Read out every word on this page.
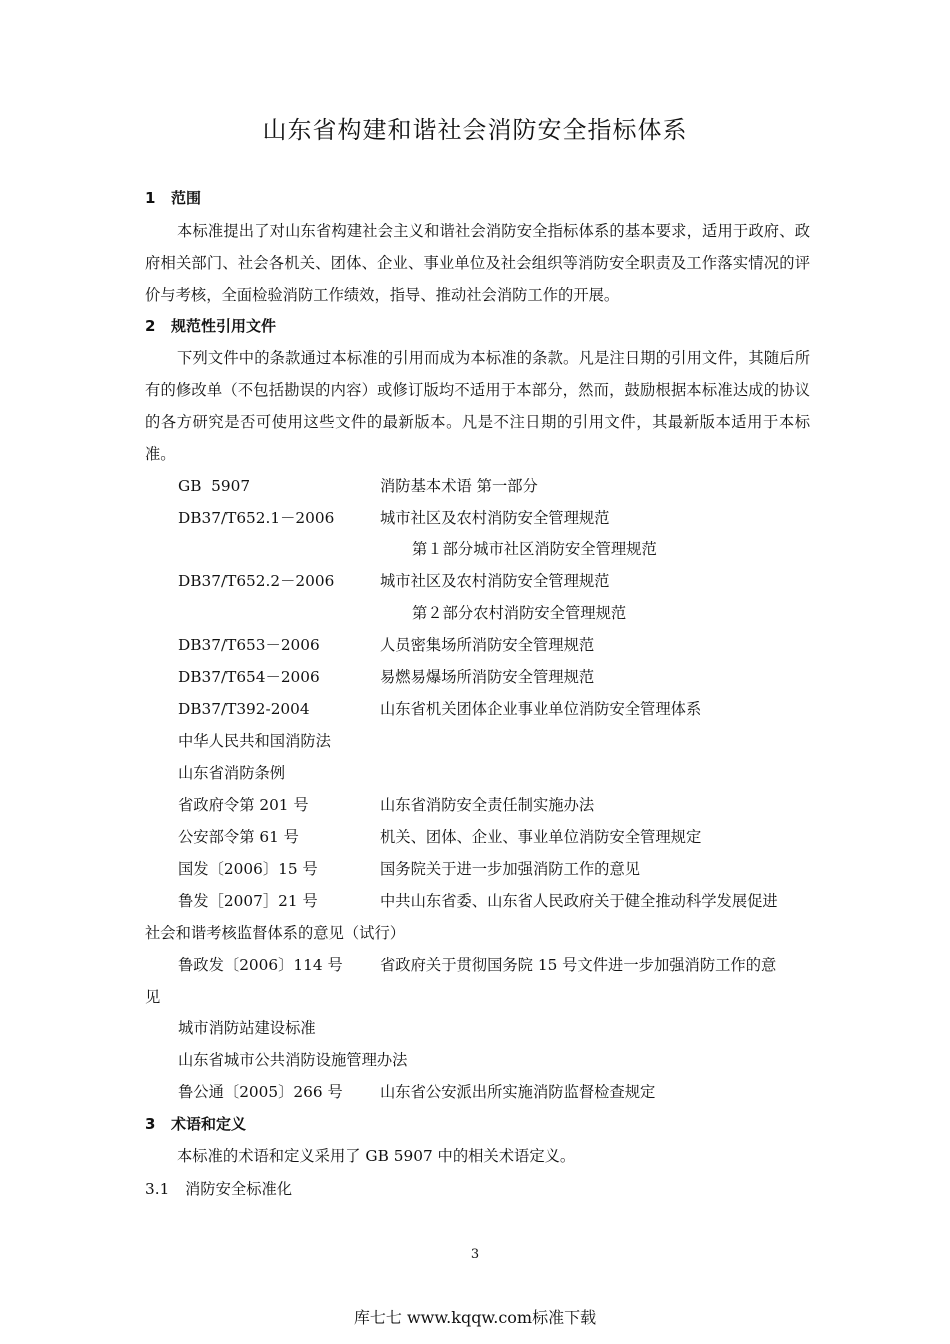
山东省构建和谐社会消防安全指标体系
1 范围
本标准提出了对山东省构建社会主义和谐社会消防安全指标体系的基本要求，适用于政府、政府相关部门、社会各机关、团体、企业、事业单位及社会组织等消防安全职责及工作落实情况的评价与考核，全面检验消防工作绩效，指导、推动社会消防工作的开展。
2 规范性引用文件
下列文件中的条款通过本标准的引用而成为本标准的条款。凡是注日期的引用文件，其随后所有的修改单（不包括勘误的内容）或修订版均不适用于本部分，然而，鼓励根据本标准达成的协议的各方研究是否可使用这些文件的最新版本。凡是不注日期的引用文件，其最新版本适用于本标准。
GB  5907	消防基本术语 第一部分
DB37/T652.1－2006	城市社区及农村消防安全管理规范
第１部分城市社区消防安全管理规范
DB37/T652.2－2006	城市社区及农村消防安全管理规范
第２部分农村消防安全管理规范
DB37/T653－2006	人员密集场所消防安全管理规范
DB37/T654－2006	易燃易爆场所消防安全管理规范
DB37/T392-2004	山东省机关团体企业事业单位消防安全管理体系
中华人民共和国消防法
山东省消防条例
省政府令第 201 号	山东省消防安全责任制实施办法
公安部令第 61 号	机关、团体、企业、事业单位消防安全管理规定
国发〔2006〕15 号	国务院关于进一步加强消防工作的意见
鲁发［2007］21 号	中共山东省委、山东省人民政府关于健全推动科学发展促进
社会和谐考核监督体系的意见（试行）
鲁政发〔2006〕114 号 省政府关于贯彻国务院 15 号文件进一步加强消防工作的意
见
城市消防站建设标准
山东省城市公共消防设施管理办法
鲁公通〔2005〕266 号 山东省公安派出所实施消防监督检查规定
3 术语和定义
本标准的术语和定义采用了 GB 5907 中的相关术语定义。
3.1 消防安全标准化
3
库七七 www.kqqw.com标准下载
